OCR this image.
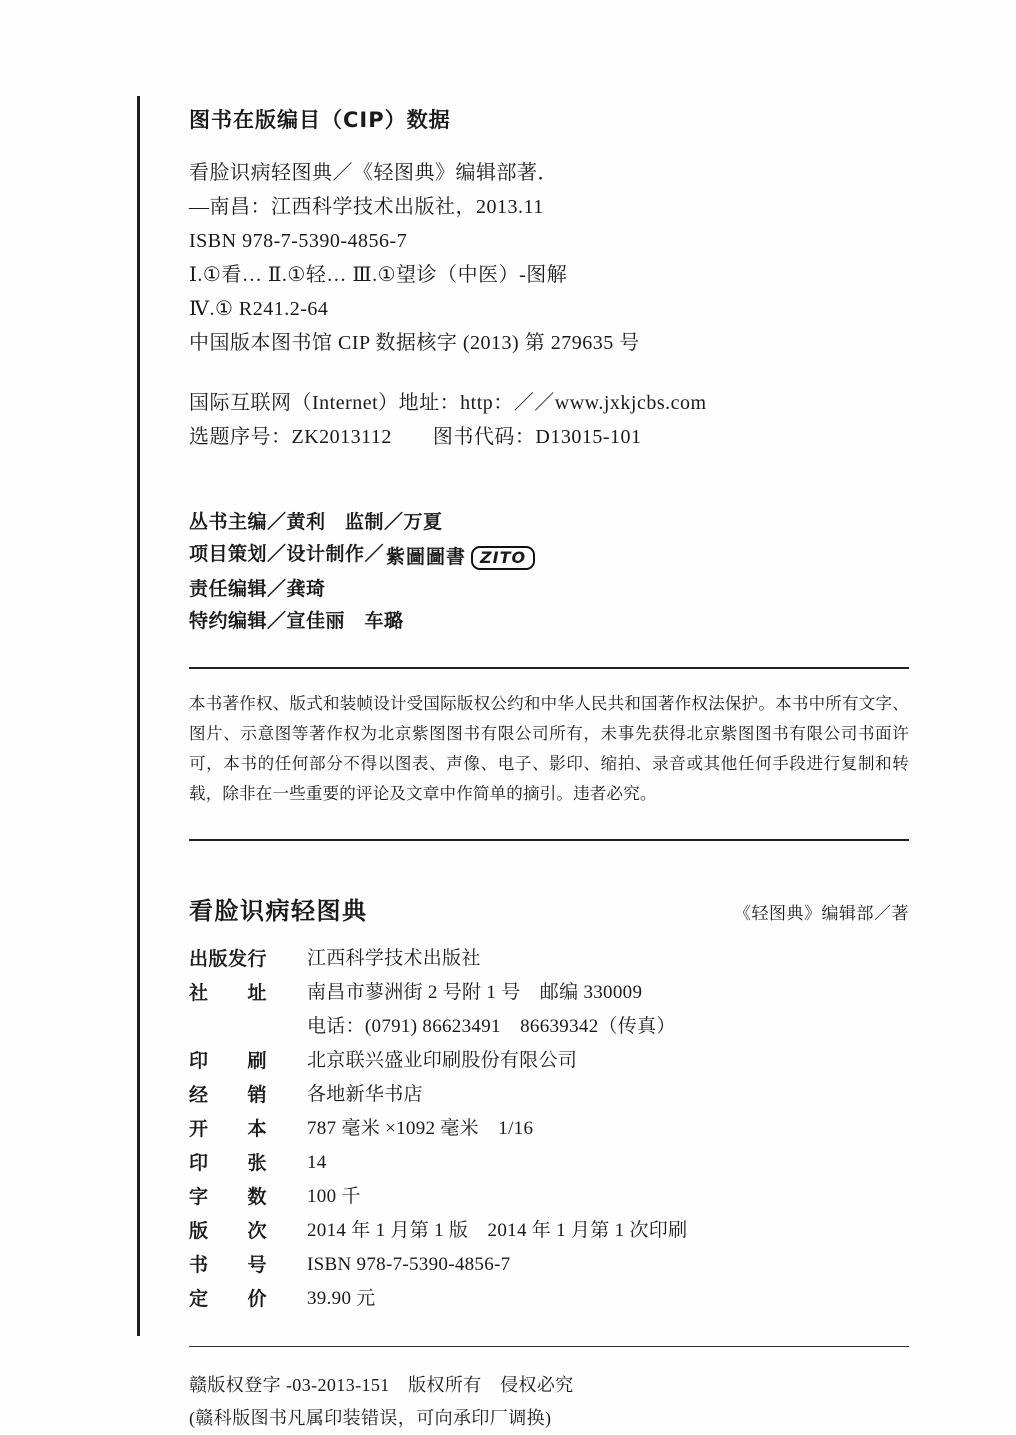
图书在版编目（CIP）数据
看脸识病轻图典／《轻图典》编辑部著．
—南昌：江西科学技术出版社，2013.11
ISBN 978-7-5390-4856-7
Ⅰ.①看… Ⅱ.①轻… Ⅲ.①望诊（中医）-图解
Ⅳ.① R241.2-64
中国版本图书馆 CIP 数据核字 (2013) 第 279635 号
国际互联网（Internet）地址：http：／／www.jxkjcbs.com
选题序号：ZK2013112　　图书代码：D13015-101
丛书主编／黄利　监制／万夏
项目策划／设计制作／ 紫圖圖書 ZITO
责任编辑／龚琦
特约编辑／宣佳丽　车璐
本书著作权、版式和装帧设计受国际版权公约和中华人民共和国著作权法保护。本书中所有文字、图片、示意图等著作权为北京紫图图书有限公司所有，未事先获得北京紫图图书有限公司书面许可，本书的任何部分不得以图表、声像、电子、影印、缩拍、录音或其他任何手段进行复制和转载，除非在一些重要的评论及文章中作简单的摘引。违者必究。
看脸识病轻图典	《轻图典》编辑部／著
出版发行	江西科学技术出版社
社　　址	南昌市蓼洲街 2 号附 1 号　邮编 330009
	电话：(0791) 86623491　86639342（传真）
印　　刷	北京联兴盛业印刷股份有限公司
经　　销	各地新华书店
开　　本	787 毫米 ×1092 毫米　1/16
印　　张	14
字　　数	100 千
版　　次	2014 年 1 月第 1 版　2014 年 1 月第 1 次印刷
书　　号	ISBN 978-7-5390-4856-7
定　　价	39.90 元
赣版权登字 -03-2013-151　版权所有　侵权必究
(赣科版图书凡属印装错误，可向承印厂调换)
